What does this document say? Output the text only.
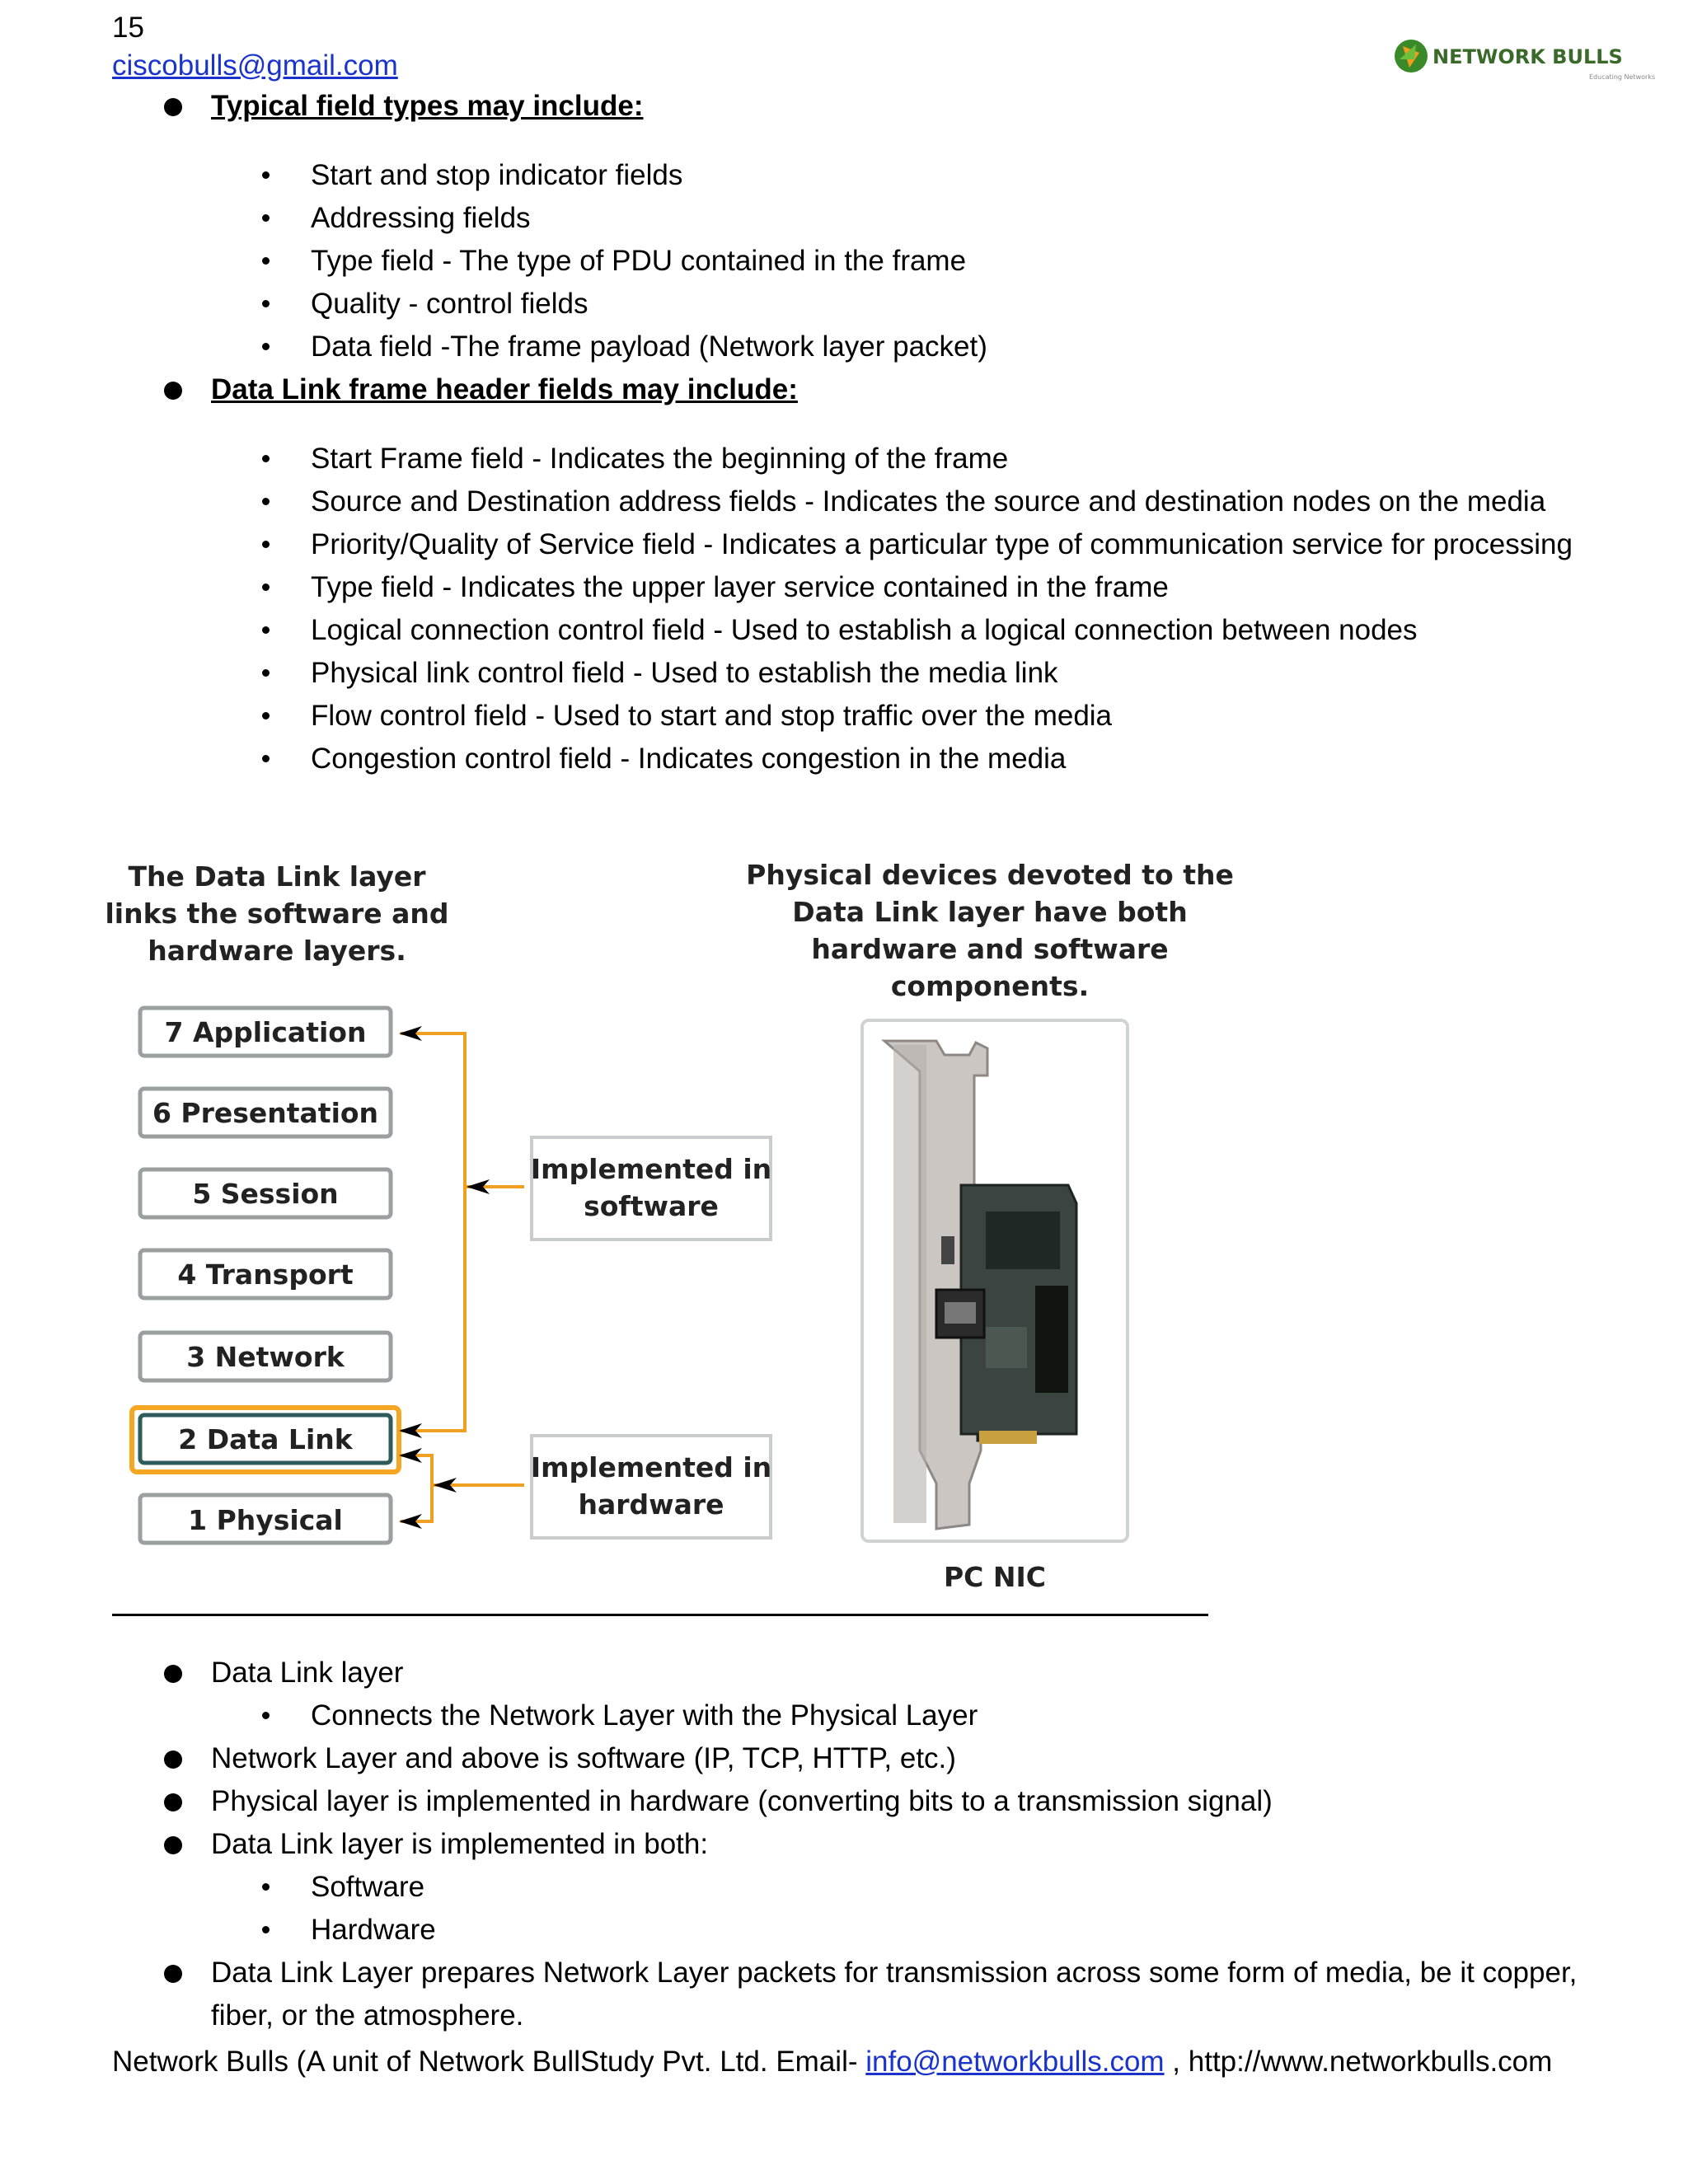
15
ciscobulls@gmail.com	NETWORK BULLS
Educating Networks
Typical field types may include:
Start and stop indicator fields
Addressing fields
Type field - The type of PDU contained in the frame
Quality - control fields
Data field -The frame payload (Network layer packet)
Data Link frame header fields may include:
Start Frame field - Indicates the beginning of the frame
Source and Destination address fields - Indicates the source and destination nodes on the media
Priority/Quality of Service field - Indicates a particular type of communication service for processing
Type field - Indicates the upper layer service contained in the frame
Logical connection control field - Used to establish a logical connection between nodes
Physical link control field - Used to establish the media link
Flow control field - Used to start and stop traffic over the media
Congestion control field - Indicates congestion in the media
The Data Link layer
links the software and
hardware layers.
Physical devices devoted to the
Data Link layer have both
hardware and software
components.
7 Application
6 Presentation
5 Session
4 Transport
3 Network
2 Data Link
1 Physical
Implemented in
software
Implemented in
hardware
PC NIC
Data Link layer
Connects the Network Layer with the Physical Layer
Network Layer and above is software (IP, TCP, HTTP, etc.)
Physical layer is implemented in hardware (converting bits to a transmission signal)
Data Link layer is implemented in both:
Software
Hardware
Data Link Layer prepares Network Layer packets for transmission across some form of media, be it copper, fiber, or the atmosphere.
Network Bulls (A unit of Network BullStudy Pvt. Ltd. Email- info@networkbulls.com , http://www.networkbulls.com
